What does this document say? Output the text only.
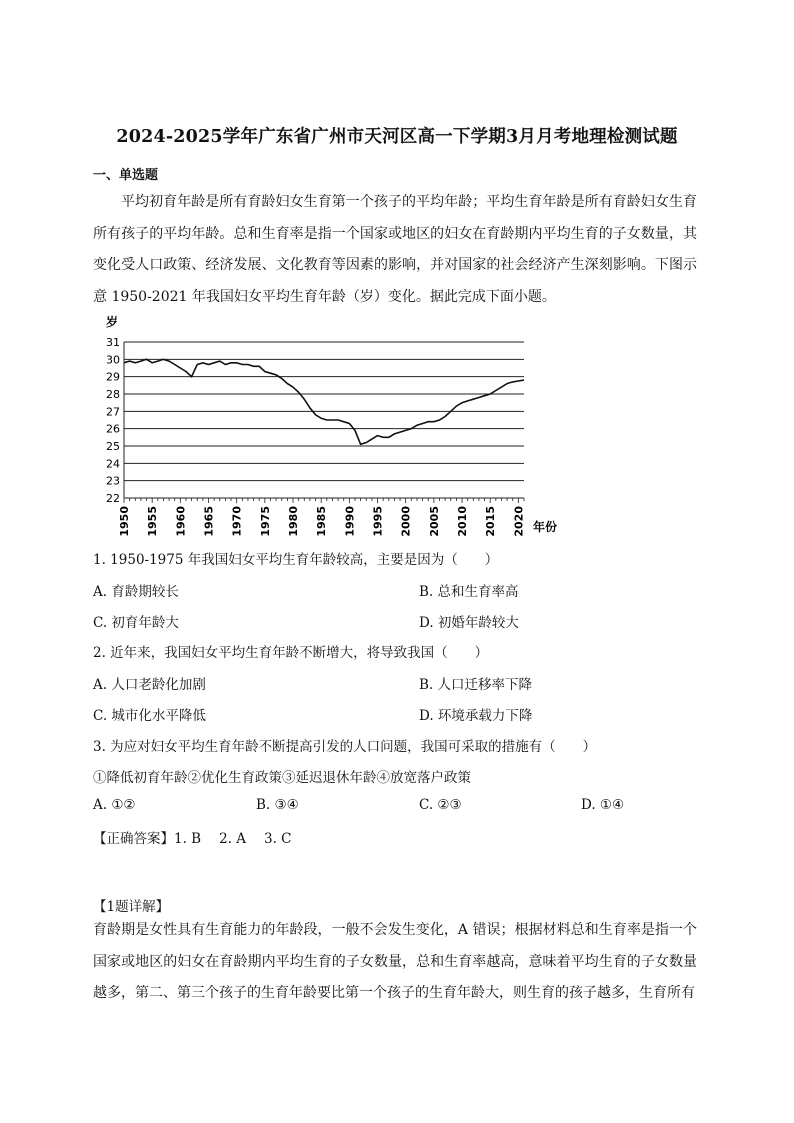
2024-2025学年广东省广州市天河区高一下学期3月月考地理检测试题
一、单选题
平均初育年龄是所有育龄妇女生育第一个孩子的平均年龄；平均生育年龄是所有育龄妇女生育所有孩子的平均年龄。总和生育率是指一个国家或地区的妇女在育龄期内平均生育的子女数量，其变化受人口政策、经济发展、文化教育等因素的影响，并对国家的社会经济产生深刻影响。下图示意 1950-2021 年我国妇女平均生育年龄（岁）变化。据此完成下面小题。
岁
22
23
24
25
26
27
28
29
30
31
1950 1955 1960 1965 1970 1975 1980 1985 1990 1995 2000 2005 2010 2015 2020 年份
1. 1950-1975 年我国妇女平均生育年龄较高，主要是因为（　　）
A. 育龄期较长	B. 总和生育率高
C. 初育年龄大	D. 初婚年龄较大
2. 近年来，我国妇女平均生育年龄不断增大，将导致我国（　　）
A. 人口老龄化加剧	B. 人口迁移率下降
C. 城市化水平降低	D. 环境承载力下降
3. 为应对妇女平均生育年龄不断提高引发的人口问题，我国可采取的措施有（　　）
①降低初育年龄②优化生育政策③延迟退休年龄④放宽落户政策
A. ①②	B. ③④	C. ②③	D. ①④
【正确答案】1. B 2. A 3. C
【1题详解】
育龄期是女性具有生育能力的年龄段，一般不会发生变化，A 错误；根据材料总和生育率是指一个国家或地区的妇女在育龄期内平均生育的子女数量，总和生育率越高，意味着平均生育的子女数量越多，第二、第三个孩子的生育年龄要比第一个孩子的生育年龄大，则生育的孩子越多，生育所有
